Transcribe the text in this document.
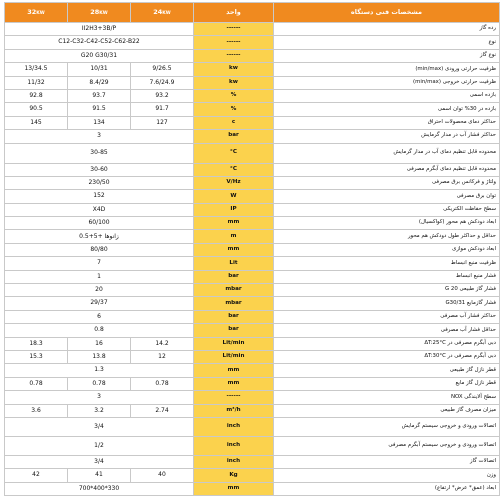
32KW	28KW	24KW	واحد	مشخصات فنی دستگاه
II2H3+3B/P			------	رده گاز
C12-C32-C42-C52-C62-B22			------	نوع
G20 G30/31			------	نوع گاز
13/34.5	10/31	9/26.5	kw	ظرفیت حرارتی ورودی (min/max)
11/32	8.4/29	7.6/24.9	kw	ظرفیت حرارتی خروجی (min/max)
92.8	93.7	93.2	%	بازده اسمی
90.5	91.5	91.7	%	بازده در 30% توان اسمی
145	134	127	c	حداکثر دمای محصولات احتراق
3			bar	حداکثر فشار آب در مدار گرمایش
30-85			°C	محدوده قابل تنظیم دمای آب در مدار گرمایش
30-60			°C	محدوده قابل تنظیم دمای آبگرم مصرفی
230/50			V/Hz	ولتاژ و فرکانس برق مصرفی
152			W	توان برق مصرفی
X4D			IP	سطح حفاظت الکتریکی
60/100			mm	ابعاد دودکش هم محور (کواکسیال)
زانوها +5+0.5			m	حداقل و حداکثر طول دودکش هم محور
80/80			mm	ابعاد دودکش موازی
7			Lit	ظرفیت منبع انبساط
1			bar	فشار منبع انبساط
20			mbar	فشار گاز طبیعی G 20
29/37			mbar	فشار گازمایع G30/31
6			bar	حداکثر فشار آب مصرفی
0.8			bar	حداقل فشار آب مصرفی
18.3	16	14.2	Lit/min	دبی آبگرم مصرفی در ΔT:25°C
15.3	13.8	12	Lit/min	دبی آبگرم مصرفی در ΔT:30°C
1.3			mm	قطر نازل گاز طبیعی
0.78	0.78	0.78	mm	قطر نازل گاز مایع
3			------	سطح آلایندگی NOX
3.6	3.2	2.74	m³/h	میزان مصرف گاز طبیعی
3/4			inch	اتصالات ورودی و خروجی سیستم گرمایش
1/2			inch	اتصالات ورودی و خروجی سیستم آبگرم مصرفی
3/4			inch	اتصالات گاز
42	41	40	Kg	وزن
700*400*330			mm	ابعاد (عمق* عرض* ارتفاع)
